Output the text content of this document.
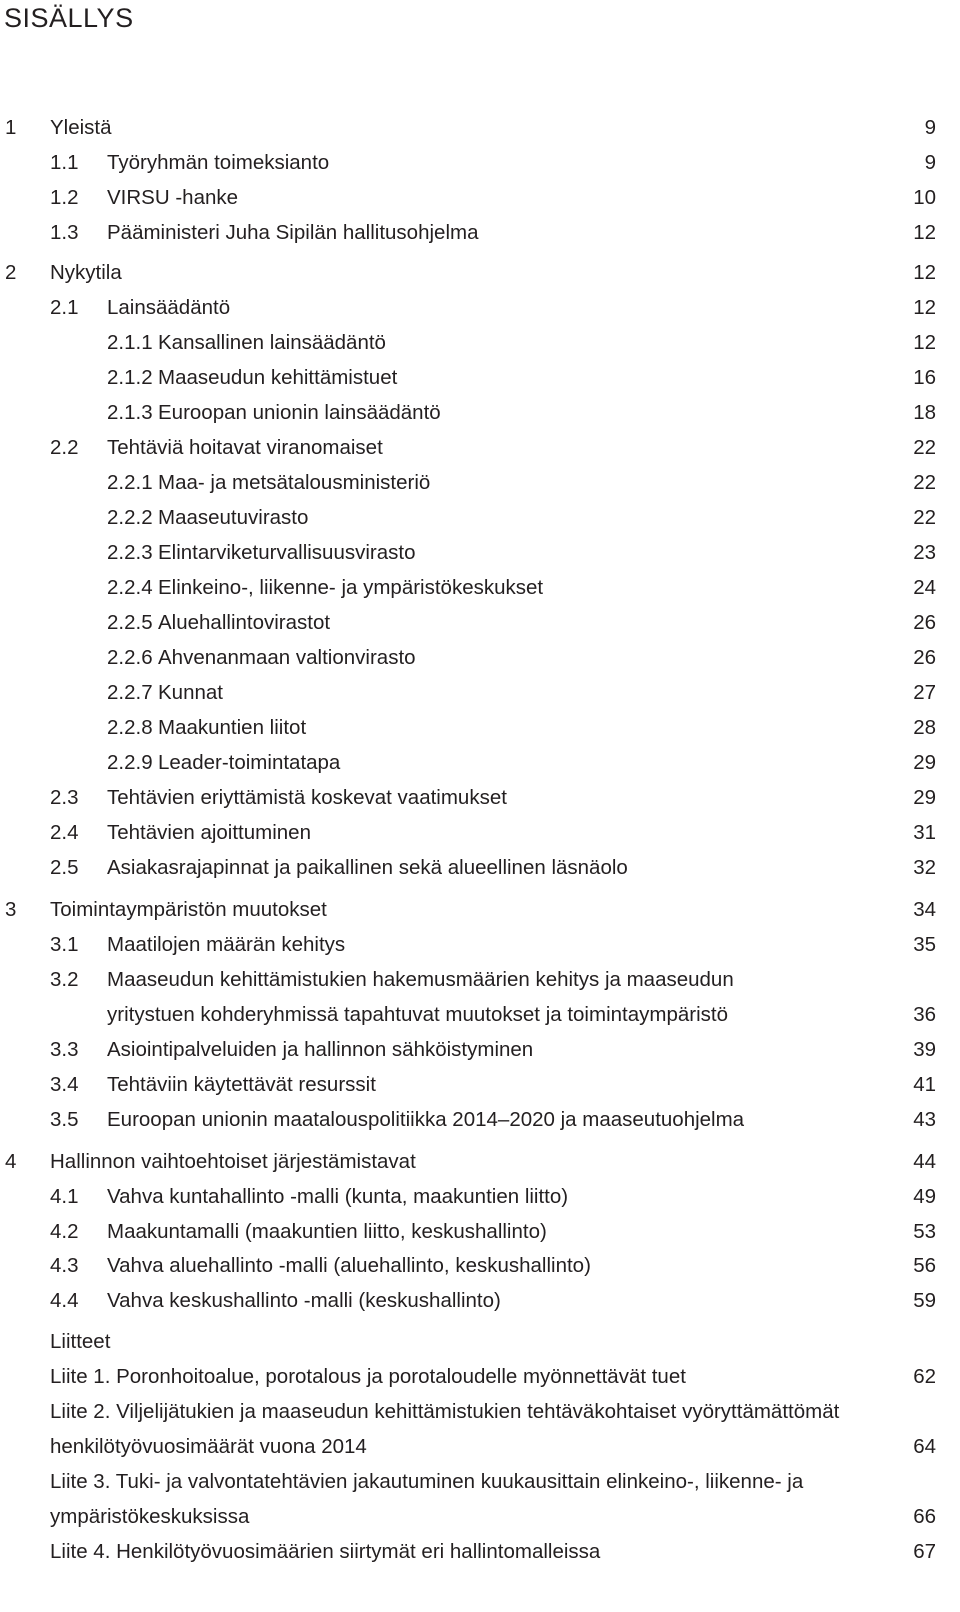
SISÄLLYS
1 Yleistä	9
1.1 Työryhmän toimeksianto	9
1.2 VIRSU -hanke	10
1.3 Pääministeri Juha Sipilän hallitusohjelma	12
2 Nykytila	12
2.1 Lainsäädäntö	12
2.1.1 Kansallinen lainsäädäntö	12
2.1.2 Maaseudun kehittämistuet	16
2.1.3 Euroopan unionin lainsäädäntö	18
2.2 Tehtäviä hoitavat viranomaiset	22
2.2.1 Maa- ja metsätalousministeriö	22
2.2.2 Maaseutuvirasto	22
2.2.3 Elintarviketurvallisuusvirasto	23
2.2.4 Elinkeino-, liikenne- ja ympäristökeskukset	24
2.2.5 Aluehallintovirastot	26
2.2.6 Ahvenanmaan valtionvirasto	26
2.2.7 Kunnat	27
2.2.8 Maakuntien liitot	28
2.2.9 Leader-toimintatapa	29
2.3 Tehtävien eriyttämistä koskevat vaatimukset	29
2.4 Tehtävien ajoittuminen	31
2.5 Asiakasrajapinnat ja paikallinen sekä alueellinen läsnäolo	32
3 Toimintaympäristön muutokset	34
3.1 Maatilojen määrän kehitys	35
3.2 Maaseudun kehittämistukien hakemusmäärien kehitys ja maaseudun
yritystuen kohderyhmissä tapahtuvat muutokset ja toimintaympäristö	36
3.3 Asiointipalveluiden ja hallinnon sähköistyminen	39
3.4 Tehtäviin käytettävät resurssit	41
3.5 Euroopan unionin maatalouspolitiikka 2014–2020 ja maaseutuohjelma	43
4 Hallinnon vaihtoehtoiset järjestämistavat	44
4.1 Vahva kuntahallinto -malli (kunta, maakuntien liitto)	49
4.2 Maakuntamalli (maakuntien liitto, keskushallinto)	53
4.3 Vahva aluehallinto -malli (aluehallinto, keskushallinto)	56
4.4 Vahva keskushallinto -malli (keskushallinto)	59
Liitteet
Liite 1. Poronhoitoalue, porotalous ja porotaloudelle myönnettävät tuet	62
Liite 2. Viljelijätukien ja maaseudun kehittämistukien tehtäväkohtaiset vyöryttämättömät
henkilötyövuosimäärät vuona 2014	64
Liite 3. Tuki- ja valvontatehtävien jakautuminen kuukausittain elinkeino-, liikenne- ja
ympäristökeskuksissa	66
Liite 4. Henkilötyövuosimäärien siirtymät eri hallintomalleissa	67
